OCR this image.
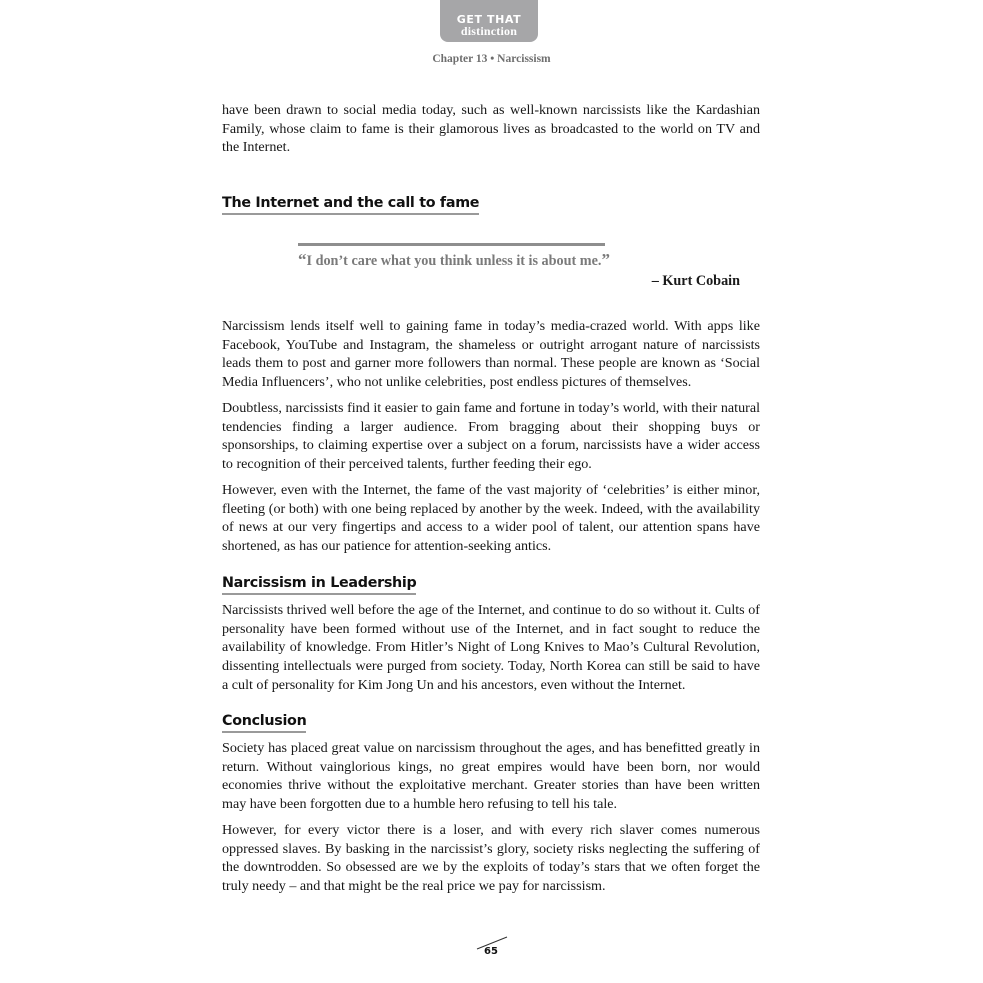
GET THAT
distinction
Chapter 13 • Narcissism

have been drawn to social media today, such as well-known narcissists like the Kardashian Family, whose claim to fame is their glamorous lives as broadcasted to the world on TV and the Internet.

The Internet and the call to fame

Narcissism lends itself well to gaining fame in today’s media-crazed world. With apps like Facebook, YouTube and Instagram, the shameless or outright arrogant nature of narcissists leads them to post and garner more followers than normal. These people are known as ‘Social Media Influencers’, who not unlike celebrities, post endless pictures of themselves.

Doubtless, narcissists find it easier to gain fame and fortune in today’s world, with their natural tendencies finding a larger audience. From bragging about their shopping buys or sponsorships, to claiming expertise over a subject on a forum, narcissists have a wider access to recognition of their perceived talents, further feeding their ego.

However, even with the Internet, the fame of the vast majority of ‘celebrities’ is either minor, fleeting (or both) with one being replaced by another by the week. Indeed, with the availability of news at our very fingertips and access to a wider pool of talent, our attention spans have shortened, as has our patience for attention-seeking antics.

Narcissism in Leadership

Narcissists thrived well before the age of the Internet, and continue to do so without it. Cults of personality have been formed without use of the Internet, and in fact sought to reduce the availability of knowledge. From Hitler’s Night of Long Knives to Mao’s Cultural Revolution, dissenting intellectuals were purged from society. Today, North Korea can still be said to have a cult of personality for Kim Jong Un and his ancestors, even without the Internet.

Conclusion

Society has placed great value on narcissism throughout the ages, and has benefitted greatly in return. Without vainglorious kings, no great empires would have been born, nor would economies thrive without the exploitative merchant. Greater stories than have been written may have been forgotten due to a humble hero refusing to tell his tale.

However, for every victor there is a loser, and with every rich slaver comes numerous oppressed slaves. By basking in the narcissist’s glory, society risks neglecting the suffering of the downtrodden. So obsessed are we by the exploits of today’s stars that we often forget the truly needy – and that might be the real price we pay for narcissism.

“I don’t care what you think unless it is about me.”
– Kurt Cobain
65
